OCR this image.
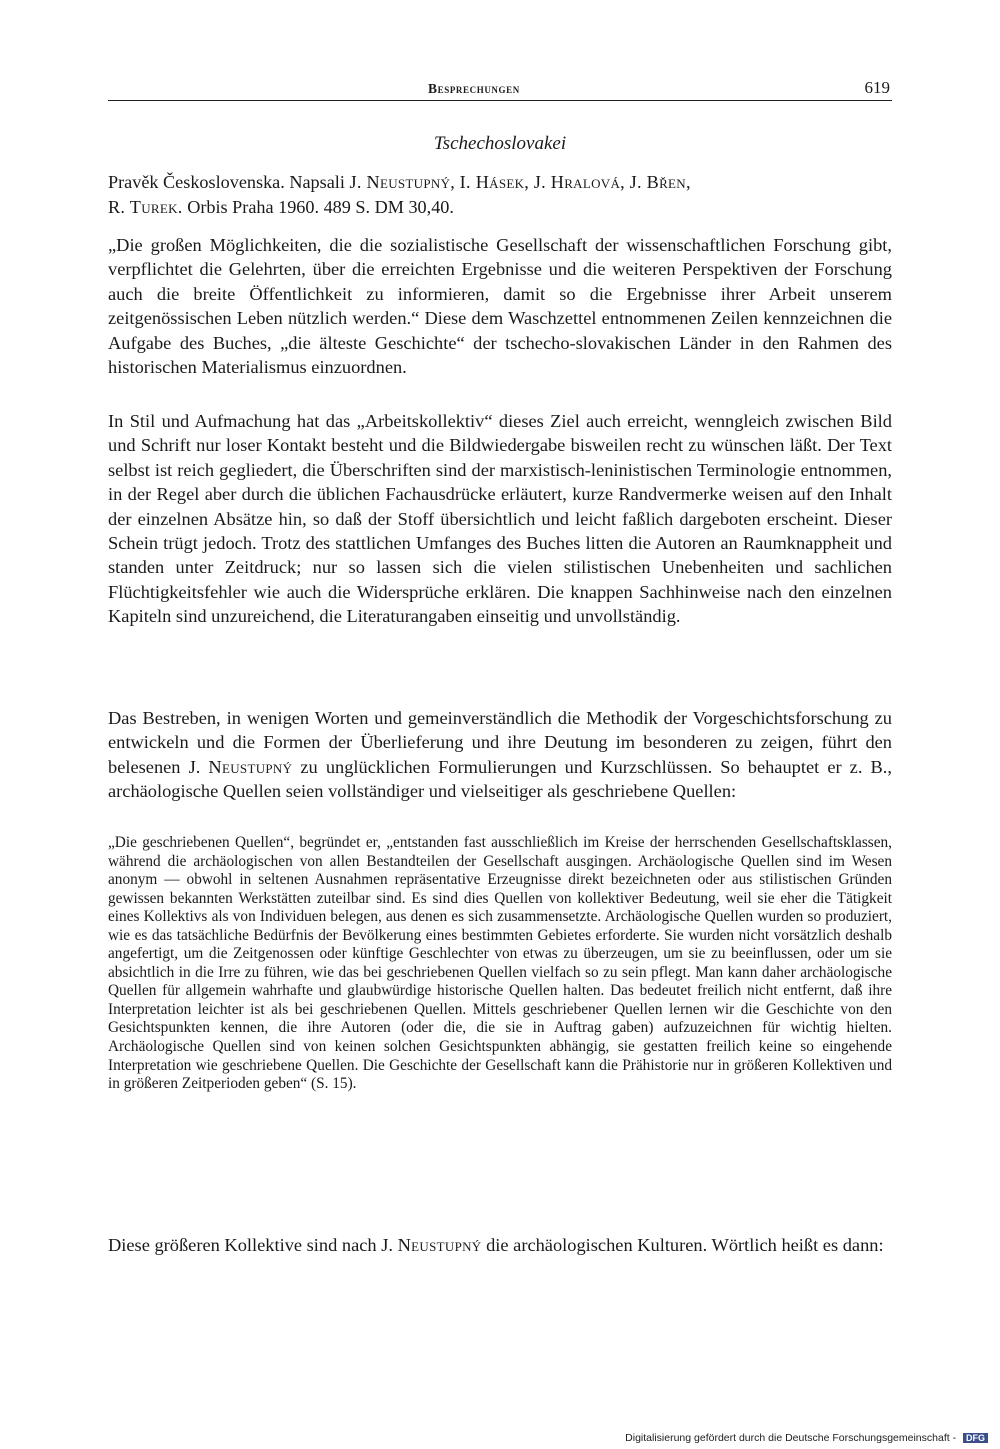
Besprechungen	619
Tschechoslovakei
Pravěk Československa. Napsali J. Neustupný, I. Hásek, J. Hralová, J. Břen,
R. Turek. Orbis Praha 1960. 489 S. DM 30,40.

„Die großen Möglichkeiten, die die sozialistische Gesellschaft der wissenschaftlichen Forschung gibt, verpflichtet die Gelehrten, über die erreichten Ergebnisse und die weiteren Perspektiven der Forschung auch die breite Öffentlichkeit zu informieren, damit so die Ergebnisse ihrer Arbeit unserem zeitgenössischen Leben nützlich werden.“ Diese dem Waschzettel entnommenen Zeilen kennzeichnen die Aufgabe des Buches, „die älteste Geschichte“ der tschecho-slovakischen Länder in den Rahmen des historischen Materialismus einzuordnen.

In Stil und Aufmachung hat das „Arbeitskollektiv“ dieses Ziel auch erreicht, wenngleich zwischen Bild und Schrift nur loser Kontakt besteht und die Bildwiedergabe bisweilen recht zu wünschen läßt. Der Text selbst ist reich gegliedert, die Überschriften sind der marxistisch-leninistischen Terminologie entnommen, in der Regel aber durch die üblichen Fachausdrücke erläutert, kurze Randvermerke weisen auf den Inhalt der einzelnen Absätze hin, so daß der Stoff übersichtlich und leicht faßlich dargeboten erscheint. Dieser Schein trügt jedoch. Trotz des stattlichen Umfanges des Buches litten die Autoren an Raumknappheit und standen unter Zeitdruck; nur so lassen sich die vielen stilistischen Unebenheiten und sachlichen Flüchtigkeitsfehler wie auch die Widersprüche erklären. Die knappen Sachhinweise nach den einzelnen Kapiteln sind unzureichend, die Literaturangaben einseitig und unvollständig.

Das Bestreben, in wenigen Worten und gemeinverständlich die Methodik der Vorgeschichtsforschung zu entwickeln und die Formen der Überlieferung und ihre Deutung im besonderen zu zeigen, führt den belesenen J. Neustupný zu unglücklichen Formulierungen und Kurzschlüssen. So behauptet er z. B., archäologische Quellen seien vollständiger und vielseitiger als geschriebene Quellen:

„Die geschriebenen Quellen“, begründet er, „entstanden fast ausschließlich im Kreise der herrschenden Gesellschaftsklassen, während die archäologischen von allen Bestandteilen der Gesellschaft ausgingen. Archäologische Quellen sind im Wesen anonym — obwohl in seltenen Ausnahmen repräsentative Erzeugnisse direkt bezeichneten oder aus stilistischen Gründen gewissen bekannten Werkstätten zuteilbar sind. Es sind dies Quellen von kollektiver Bedeutung, weil sie eher die Tätigkeit eines Kollektivs als von Individuen belegen, aus denen es sich zusammensetzte. Archäologische Quellen wurden so produziert, wie es das tatsächliche Bedürfnis der Bevölkerung eines bestimmten Gebietes erforderte. Sie wurden nicht vorsätzlich deshalb angefertigt, um die Zeitgenossen oder künftige Geschlechter von etwas zu überzeugen, um sie zu beeinflussen, oder um sie absichtlich in die Irre zu führen, wie das bei geschriebenen Quellen vielfach so zu sein pflegt. Man kann daher archäologische Quellen für allgemein wahrhafte und glaubwürdige historische Quellen halten. Das bedeutet freilich nicht entfernt, daß ihre Interpretation leichter ist als bei geschriebenen Quellen. Mittels geschriebener Quellen lernen wir die Geschichte von den Gesichtspunkten kennen, die ihre Autoren (oder die, die sie in Auftrag gaben) aufzuzeichnen für wichtig hielten. Archäologische Quellen sind von keinen solchen Gesichtspunkten abhängig, sie gestatten freilich keine so eingehende Interpretation wie geschriebene Quellen. Die Geschichte der Gesellschaft kann die Prähistorie nur in größeren Kollektiven und in größeren Zeitperioden geben“ (S. 15).

Diese größeren Kollektive sind nach J. Neustupný die archäologischen Kulturen. Wörtlich heißt es dann:

Digitalisierung gefördert durch die Deutsche Forschungsgemeinschaft - DFG
